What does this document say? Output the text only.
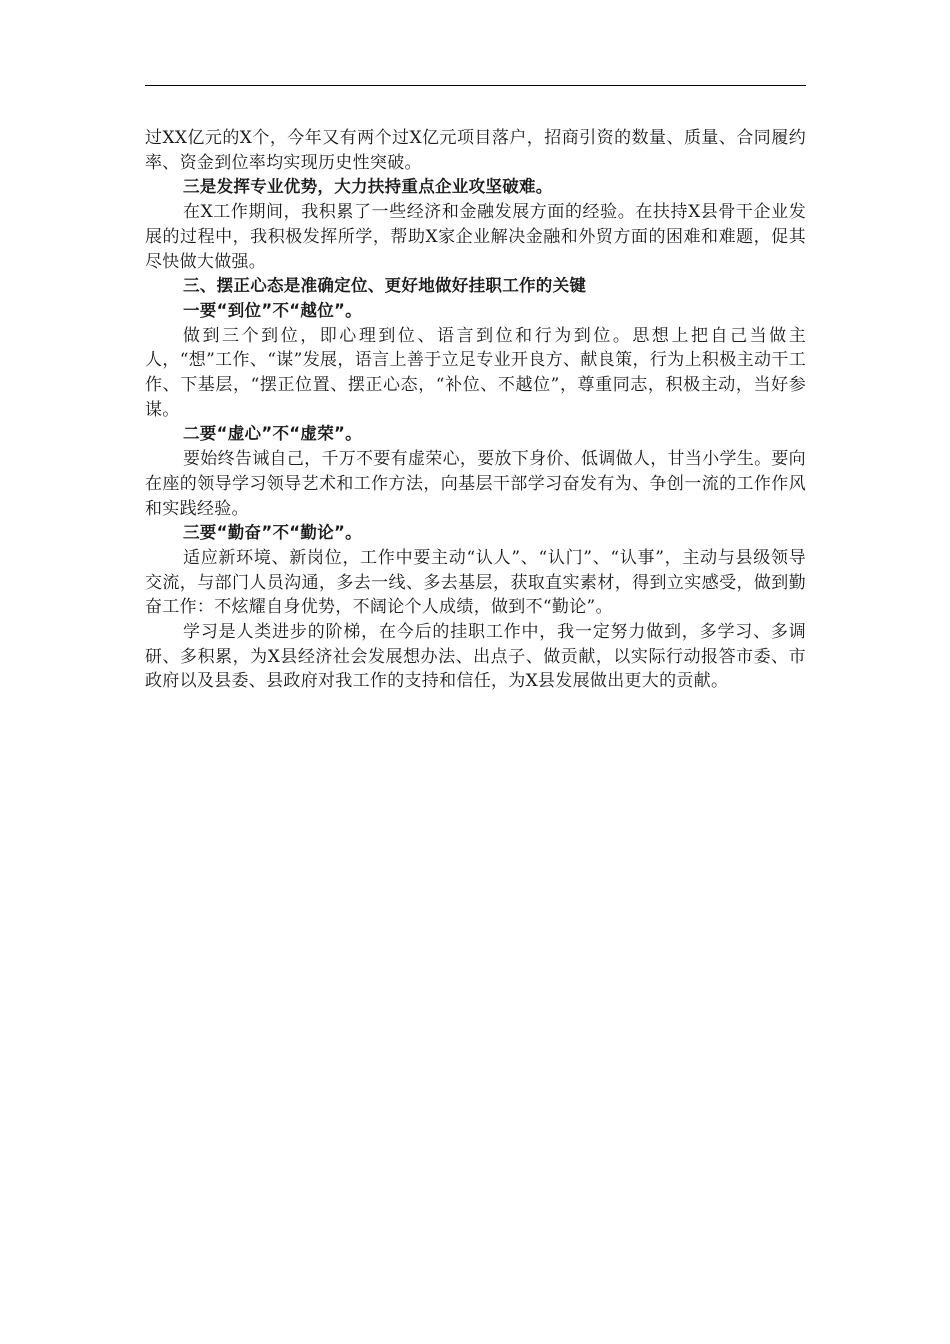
过XX亿元的X个，今年又有两个过X亿元项目落户，招商引资的数量、质量、合同履约率、资金到位率均实现历史性突破。

三是发挥专业优势，大力扶持重点企业攻坚破难。

在X工作期间，我积累了一些经济和金融发展方面的经验。在扶持X县骨干企业发展的过程中，我积极发挥所学，帮助X家企业解决金融和外贸方面的困难和难题，促其尽快做大做强。

三、摆正心态是准确定位、更好地做好挂职工作的关键

一要“到位”不“越位”。

做到三个到位，即心理到位、语言到位和行为到位。思想上把自己当做主人，“想”工作、“谋”发展，语言上善于立足专业开良方、献良策，行为上积极主动干工作、下基层，“摆正位置、摆正心态，“补位、不越位”，尊重同志，积极主动，当好参谋。

二要“虚心”不“虚荣”。

要始终告诫自己，千万不要有虚荣心，要放下身价、低调做人，甘当小学生。要向在座的领导学习领导艺术和工作方法，向基层干部学习奋发有为、争创一流的工作作风和实践经验。

三要“勤奋”不“勤论”。

适应新环境、新岗位，工作中要主动“认人”、“认门”、“认事”，主动与县级领导交流，与部门人员沟通，多去一线、多去基层，获取直实素材，得到立实感受，做到勤奋工作：不炫耀自身优势，不阔论个人成绩，做到不“勤论”。

学习是人类进步的阶梯，在今后的挂职工作中，我一定努力做到，多学习、多调研、多积累，为X县经济社会发展想办法、出点子、做贡献，以实际行动报答市委、市政府以及县委、县政府对我工作的支持和信任，为X县发展做出更大的贡献。
